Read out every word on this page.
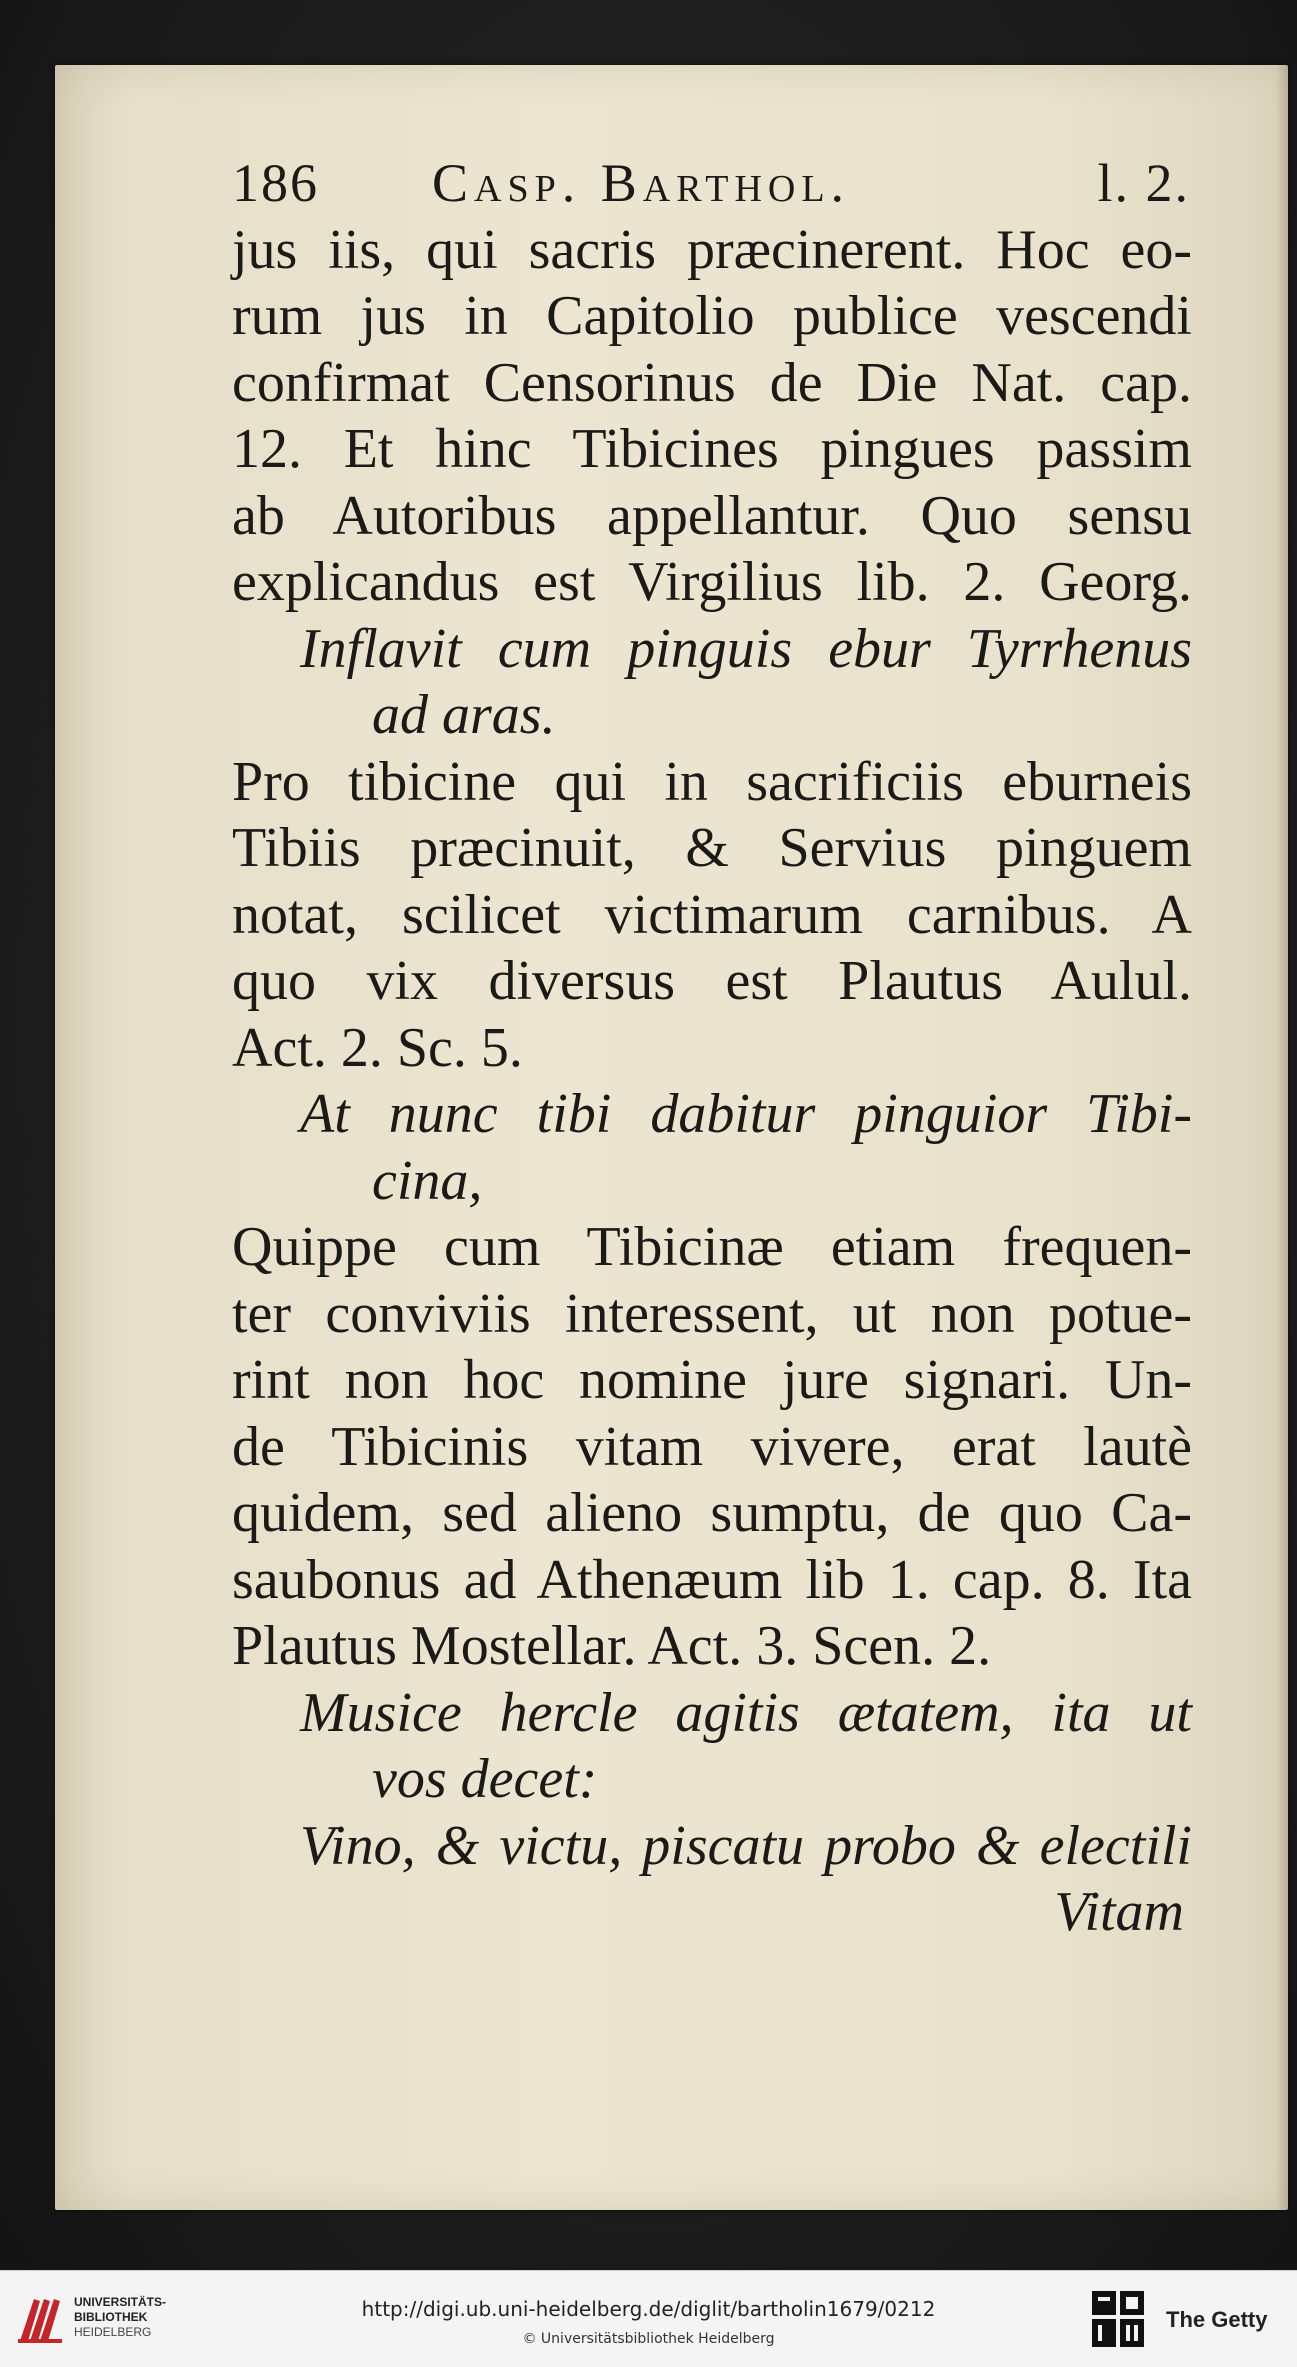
186 Casp. Barthol.	l. 2.
jus iis, qui sacris præcinerent. Hoc eo-
rum jus in Capitolio publice vescendi
confirmat Censorinus de Die Nat. cap.
12. Et hinc Tibicines pingues passim
ab Autoribus appellantur. Quo sensu
explicandus est Virgilius lib. 2. Georg.
Inflavit cum pinguis ebur Tyrrhenus
ad aras.
Pro tibicine qui in sacrificiis eburneis
Tibiis præcinuit, & Servius pinguem
notat, scilicet victimarum carnibus. A
quo vix diversus est Plautus Aulul.
Act. 2. Sc. 5.
At nunc tibi dabitur pinguior Tibi-
cina,
Quippe cum Tibicinæ etiam frequen-
ter conviviis interessent, ut non potue-
rint non hoc nomine jure signari. Un-
de Tibicinis vitam vivere, erat lautè
quidem, sed alieno sumptu, de quo Ca-
saubonus ad Athenæum lib 1. cap. 8. Ita
Plautus Mostellar. Act. 3. Scen. 2.
Musice hercle agitis ætatem, ita ut
vos decet:
Vino, & victu, piscatu probo & electili
Vitam
UNIVERSITÄTS-
BIBLIOTHEK
HEIDELBERG
http://digi.ub.uni-heidelberg.de/diglit/bartholin1679/0212
© Universitätsbibliothek Heidelberg
The Getty
